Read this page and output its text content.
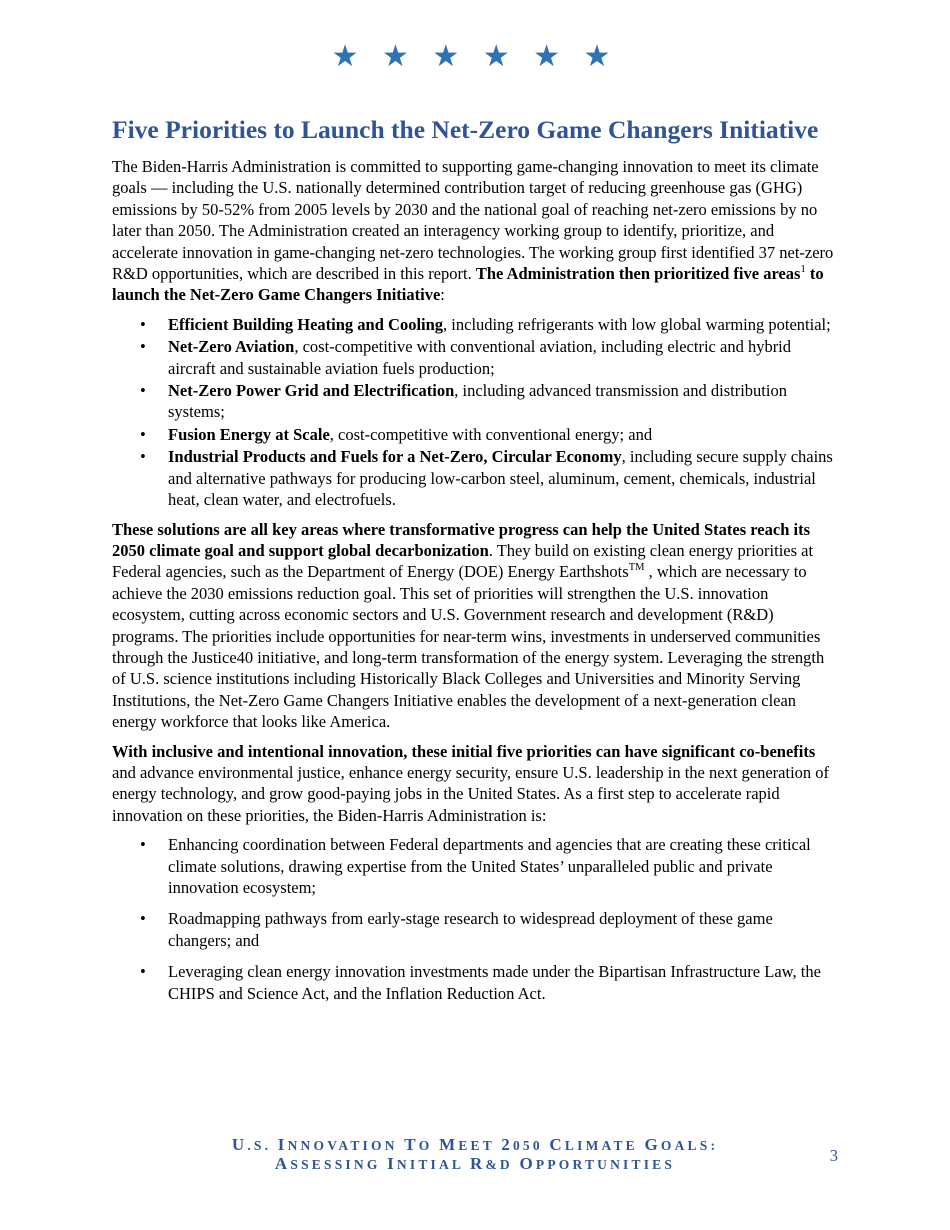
★ ★ ★ ★ ★ ★
Five Priorities to Launch the Net-Zero Game Changers Initiative

The Biden-Harris Administration is committed to supporting game-changing innovation to meet its climate goals — including the U.S. nationally determined contribution target of reducing greenhouse gas (GHG) emissions by 50-52% from 2005 levels by 2030 and the national goal of reaching net-zero emissions by no later than 2050. The Administration created an interagency working group to identify, prioritize, and accelerate innovation in game-changing net-zero technologies. The working group first identified 37 net-zero R&D opportunities, which are described in this report. The Administration then prioritized five areas$^1$ to launch the Net-Zero Game Changers Initiative:

• Efficient Building Heating and Cooling, including refrigerants with low global warming potential;
• Net-Zero Aviation, cost-competitive with conventional aviation, including electric and hybrid aircraft and sustainable aviation fuels production;
• Net-Zero Power Grid and Electrification, including advanced transmission and distribution systems;
• Fusion Energy at Scale, cost-competitive with conventional energy; and
• Industrial Products and Fuels for a Net-Zero, Circular Economy, including secure supply chains and alternative pathways for producing low-carbon steel, aluminum, cement, chemicals, industrial heat, clean water, and electrofuels.

These solutions are all key areas where transformative progress can help the United States reach its 2050 climate goal and support global decarbonization. They build on existing clean energy priorities at Federal agencies, such as the Department of Energy (DOE) Energy Earthshots™ , which are necessary to achieve the 2030 emissions reduction goal. This set of priorities will strengthen the U.S. innovation ecosystem, cutting across economic sectors and U.S. Government research and development (R&D) programs. The priorities include opportunities for near-term wins, investments in underserved communities through the Justice40 initiative, and long-term transformation of the energy system. Leveraging the strength of U.S. science institutions including Historically Black Colleges and Universities and Minority Serving Institutions, the Net-Zero Game Changers Initiative enables the development of a next-generation clean energy workforce that looks like America.

With inclusive and intentional innovation, these initial five priorities can have significant co-benefits and advance environmental justice, enhance energy security, ensure U.S. leadership in the next generation of energy technology, and grow good-paying jobs in the United States. As a first step to accelerate rapid innovation on these priorities, the Biden-Harris Administration is:

• Enhancing coordination between Federal departments and agencies that are creating these critical climate solutions, drawing expertise from the United States’ unparalleled public and private innovation ecosystem;
• Roadmapping pathways from early-stage research to widespread deployment of these game changers; and
• Leveraging clean energy innovation investments made under the Bipartisan Infrastructure Law, the CHIPS and Science Act, and the Inflation Reduction Act.
U.S. INNOVATION TO MEET 2050 CLIMATE GOALS:
ASSESSING INITIAL R&D OPPORTUNITIES	3
